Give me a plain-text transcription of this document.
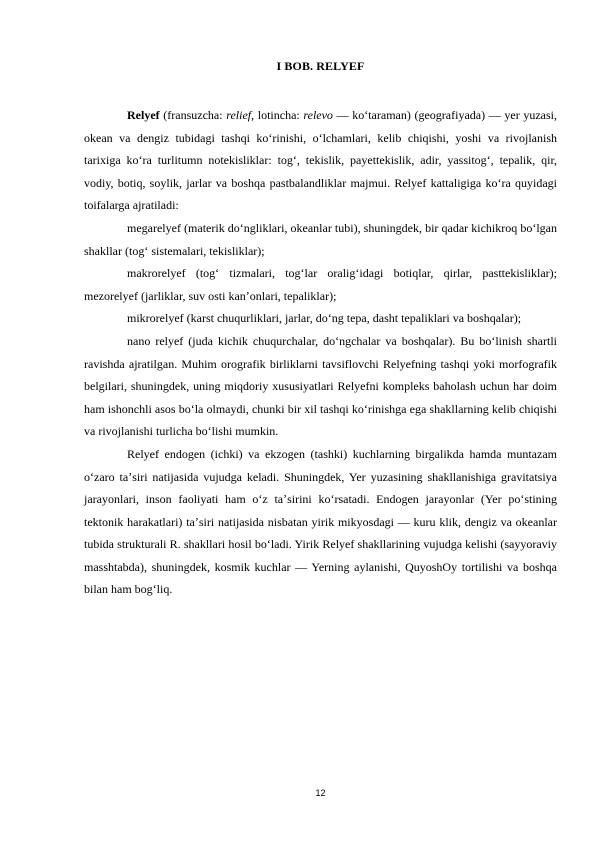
I BOB. RELYEF

Relyef (fransuzcha: relief, lotincha: relevo — koʻtaraman) (geografiyada) — yer yuzasi, okean va dengiz tubidagi tashqi koʻrinishi, oʻlchamlari, kelib chiqishi, yoshi va rivojlanish tarixiga koʻra turlitumn notekisliklar: togʻ, tekislik, payettekislik, adir, yassitogʻ, tepalik, qir, vodiy, botiq, soylik, jarlar va boshqa pastbalandliklar majmui. Relyef kattaligiga koʻra quyidagi toifalarga ajratiladi:

megarelyef (materik doʻngliklari, okeanlar tubi), shuningdek, bir qadar kichikroq boʻlgan shakllar (togʻ sistemalari, tekisliklar);

makrorelyef (togʻ tizmalari, togʻlar oraligʻidagi botiqlar, qirlar, pasttekisliklar); mezorelyef (jarliklar, suv osti kanʼonlari, tepaliklar);

mikrorelyef (karst chuqurliklari, jarlar, doʻng tepa, dasht tepaliklari va boshqalar);

nano relyef (juda kichik chuqurchalar, doʻngchalar va boshqalar). Bu boʻlinish shartli ravishda ajratilgan. Muhim orografik birliklarni tavsiflovchi Relyefning tashqi yoki morfografik belgilari, shuningdek, uning miqdoriy xususiyatlari Relyefni kompleks baholash uchun har doim ham ishonchli asos boʻla olmaydi, chunki bir xil tashqi koʻrinishga ega shakllarning kelib chiqishi va rivojlanishi turlicha boʻlishi mumkin.

Relyef endogen (ichki) va ekzogen (tashki) kuchlarning birgalikda hamda muntazam oʻzaro taʼsiri natijasida vujudga keladi. Shuningdek, Yer yuzasining shakllanishiga gravitatsiya jarayonlari, inson faoliyati ham oʻz taʼsirini koʻrsatadi. Endogen jarayonlar (Yer poʻstining tektonik harakatlari) taʼsiri natijasida nisbatan yirik mikyosdagi — kuru klik, dengiz va okeanlar tubida strukturali R. shakllari hosil boʻladi. Yirik Relyef shakllarining vujudga kelishi (sayyoraviy masshtabda), shuningdek, kosmik kuchlar — Yerning aylanishi, QuyoshOy tortilishi va boshqa bilan ham bogʻliq.

12
